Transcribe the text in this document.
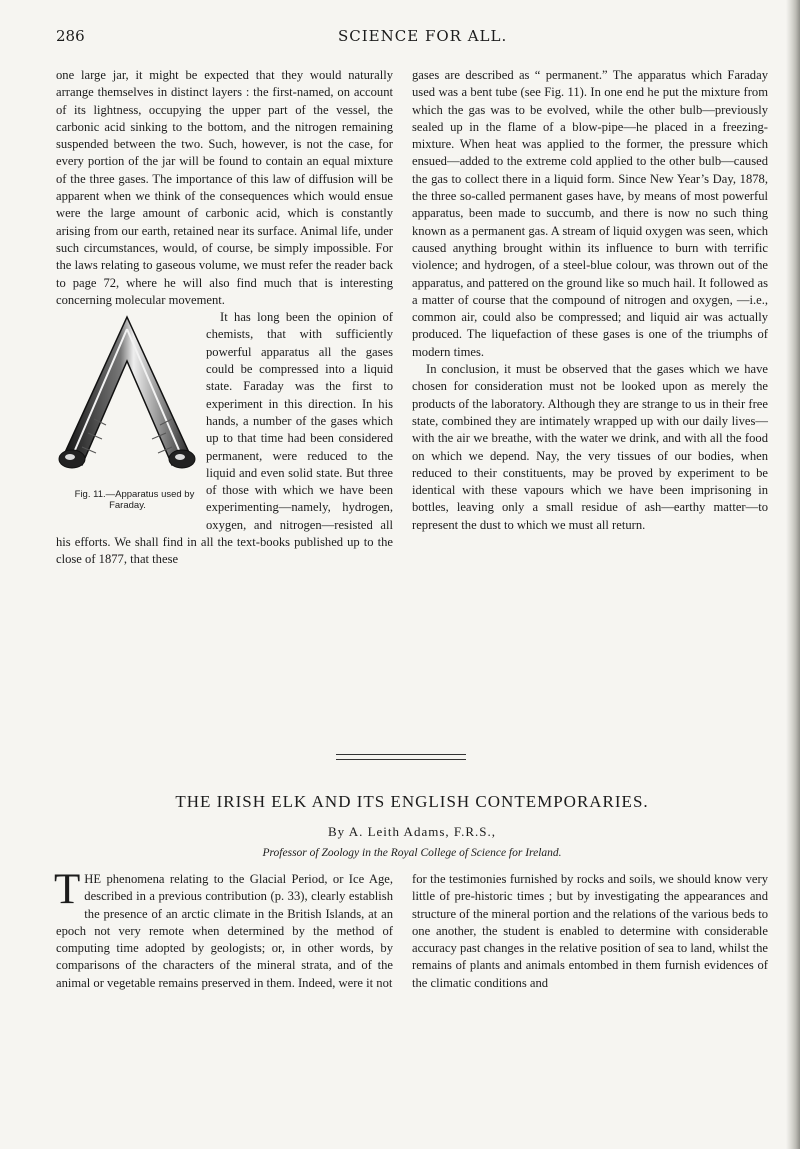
286	SCIENCE FOR ALL.

one large jar, it might be expected that they would naturally arrange themselves in distinct layers : the first-named, on account of its lightness, occupying the upper part of the vessel, the carbonic acid sinking to the bottom, and the nitrogen remaining suspended between the two. Such, however, is not the case, for every portion of the jar will be found to contain an equal mixture of the three gases. The importance of this law of diffusion will be apparent when we think of the consequences which would ensue were the large amount of carbonic acid, which is constantly arising from our earth, retained near its surface. Animal life, under such circumstances, would, of course, be simply impossible. For the laws relating to gaseous volume, we must refer the reader back to page 72, where he will also find much that is interesting concerning molecular movement.

Fig. 11.—Apparatus used by Faraday.
It has long been the opinion of chemists, that with sufficiently powerful apparatus all the gases could be compressed into a liquid state. Faraday was the first to experiment in this direction. In his hands, a number of the gases which up to that time had been considered permanent, were reduced to the liquid and even solid state. But three of those with which we have been experimenting—namely, hydrogen, oxygen, and nitrogen—resisted all his efforts. We shall find in all the text-books published up to the close of 1877, that these

gases are described as “ permanent.” The apparatus which Faraday used was a bent tube (see Fig. 11). In one end he put the mixture from which the gas was to be evolved, while the other bulb—previously sealed up in the flame of a blow-pipe—he placed in a freezing-mixture. When heat was applied to the former, the pressure which ensued—added to the extreme cold applied to the other bulb—caused the gas to collect there in a liquid form. Since New Year’s Day, 1878, the three so-called permanent gases have, by means of most powerful apparatus, been made to succumb, and there is now no such thing known as a permanent gas. A stream of liquid oxygen was seen, which caused anything brought within its influence to burn with terrific violence; and hydrogen, of a steel-blue colour, was thrown out of the apparatus, and pattered on the ground like so much hail. It followed as a matter of course that the compound of nitrogen and oxygen, —i.e., common air, could also be compressed; and liquid air was actually produced. The liquefaction of these gases is one of the triumphs of modern times.

In conclusion, it must be observed that the gases which we have chosen for consideration must not be looked upon as merely the products of the laboratory. Although they are strange to us in their free state, combined they are intimately wrapped up with our daily lives—with the air we breathe, with the water we drink, and with all the food on which we depend. Nay, the very tissues of our bodies, when reduced to their constituents, may be proved by experiment to be identical with these vapours which we have been imprisoning in bottles, leaving only a small residue of ash—earthy matter—to represent the dust to which we must all return.

THE IRISH ELK AND ITS ENGLISH CONTEMPORARIES.
By A. Leith Adams, F.R.S.,
Professor of Zoology in the Royal College of Science for Ireland.

THE phenomena relating to the Glacial Period, or Ice Age, described in a previous contribution (p. 33), clearly establish the presence of an arctic climate in the British Islands, at an epoch not very remote when determined by the method of computing time adopted by geologists; or, in other words, by comparisons of the characters of the mineral strata, and of the animal or vegetable remains preserved in them. Indeed, were it not

for the testimonies furnished by rocks and soils, we should know very little of pre-historic times ; but by investigating the appearances and structure of the mineral portion and the relations of the various beds to one another, the student is enabled to determine with considerable accuracy past changes in the relative position of sea to land, whilst the remains of plants and animals entombed in them furnish evidences of the climatic conditions and
